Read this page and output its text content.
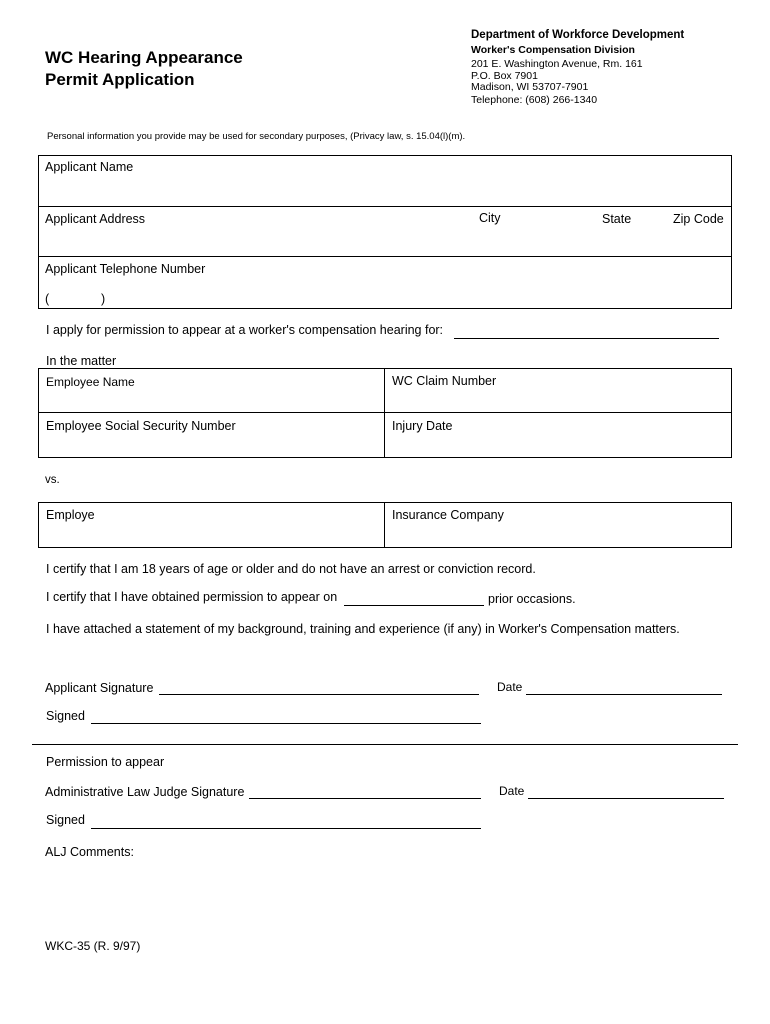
WC Hearing Appearance
Permit Application
Department of Workforce Development
Worker's Compensation Division
201 E. Washington Avenue, Rm. 161
P.O. Box 7901
Madison, WI 53707-7901
Telephone: (608) 266-1340
Personal information you provide may be used for secondary purposes, (Privacy law, s. 15.04(l)(m).
Applicant Name
Applicant Address	City	State	Zip Code
Applicant Telephone Number
(	)
I apply for permission to appear at a worker's compensation hearing for:
In the matter
Employee Name	WC Claim Number
Employee Social Security Number	Injury Date
vs.
Employe	Insurance Company
I certify that I am 18 years of age or older and do not have an arrest or conviction record.
I certify that I have obtained permission to appear on	prior occasions.
I have attached a statement of my background, training and experience (if any) in Worker's Compensation matters.
Applicant Signature	Date
Signed
Permission to appear
Administrative Law Judge Signature	Date
Signed
ALJ Comments:
WKC-35 (R. 9/97)
